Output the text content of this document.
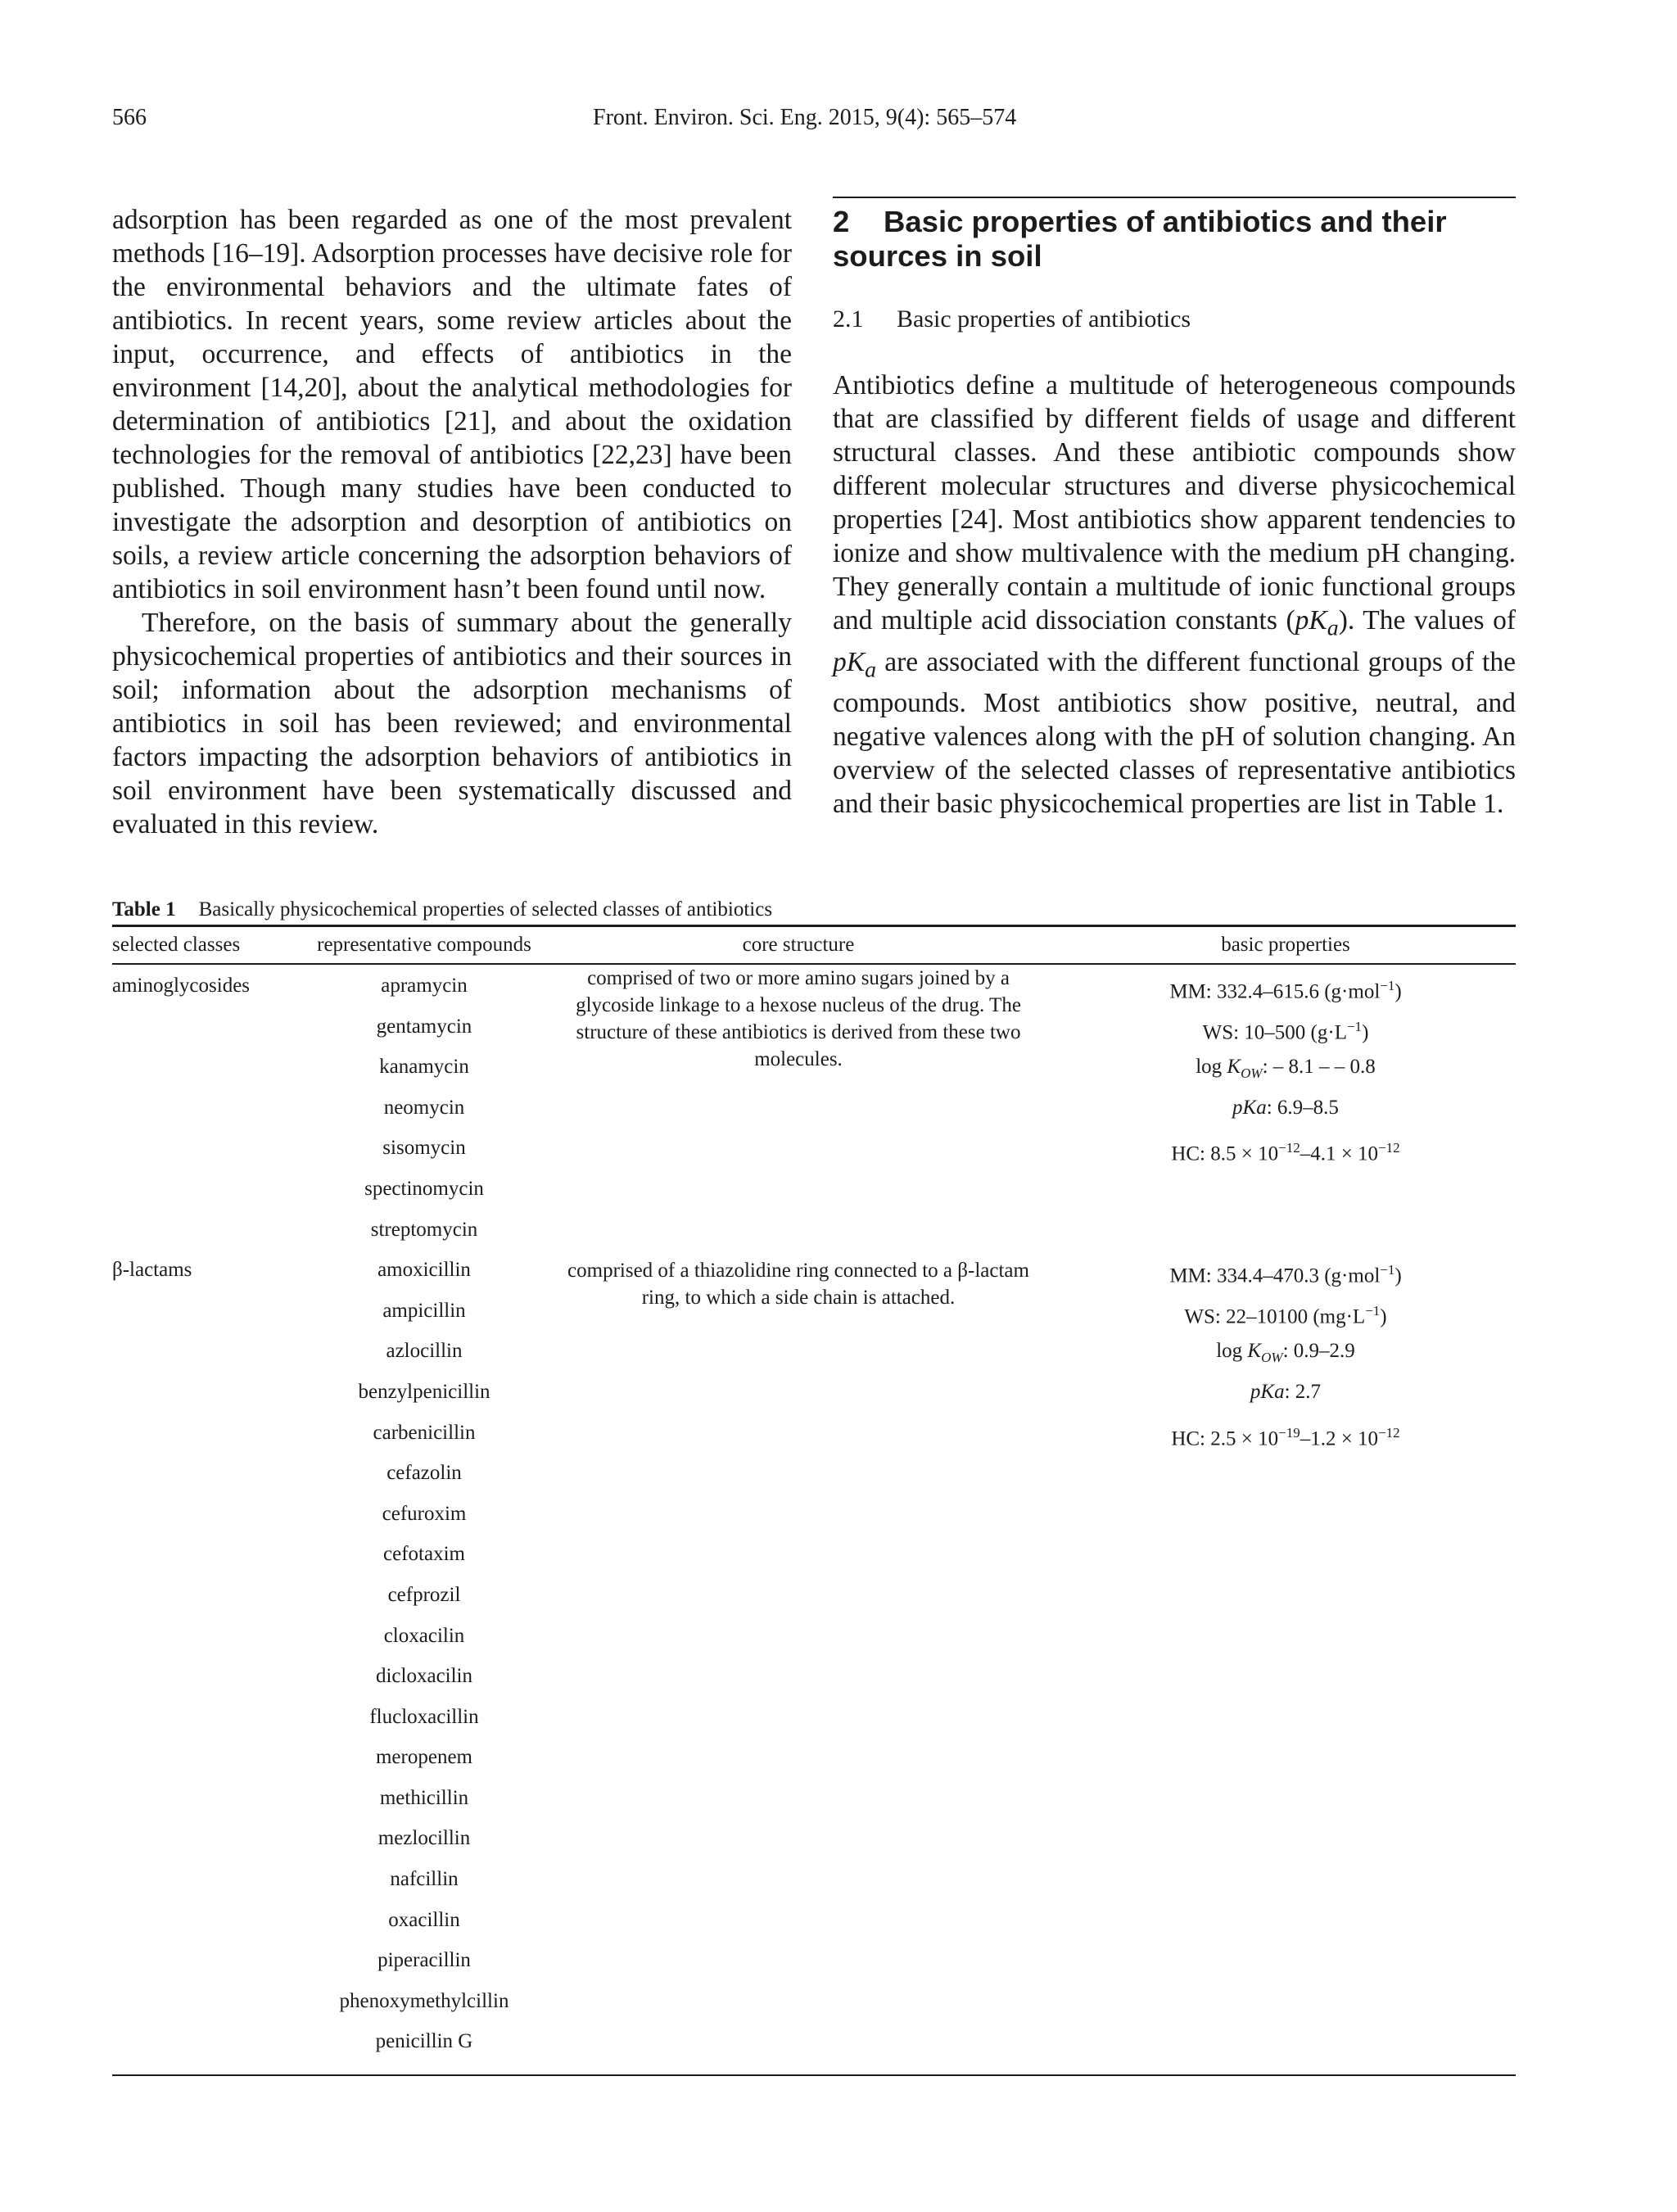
566	Front. Environ. Sci. Eng. 2015, 9(4): 565–574

adsorption has been regarded as one of the most prevalent methods [16–19]. Adsorption processes have decisive role for the environmental behaviors and the ultimate fates of antibiotics. In recent years, some review articles about the input, occurrence, and effects of antibiotics in the environment [14,20], about the analytical methodologies for determination of antibiotics [21], and about the oxidation technologies for the removal of antibiotics [22,23] have been published. Though many studies have been conducted to investigate the adsorption and desorption of antibiotics on soils, a review article concerning the adsorption behaviors of antibiotics in soil environment hasn’t been found until now.

Therefore, on the basis of summary about the generally physicochemical properties of antibiotics and their sources in soil; information about the adsorption mechanisms of antibiotics in soil has been reviewed; and environmental factors impacting the adsorption behaviors of antibiotics in soil environment have been systematically discussed and evaluated in this review.

2 Basic properties of antibiotics and their sources in soil
2.1 Basic properties of antibiotics

Antibiotics define a multitude of heterogeneous compounds that are classified by different fields of usage and different structural classes. And these antibiotic compounds show different molecular structures and diverse physicochemical properties [24]. Most antibiotics show apparent tendencies to ionize and show multivalence with the medium pH changing. They generally contain a multitude of ionic functional groups and multiple acid dissociation constants $(pK_a)$. The values of $pK_a$ are associated with the different functional groups of the compounds. Most antibiotics show positive, neutral, and negative valences along with the pH of solution changing. An overview of the selected classes of representative antibiotics and their basic physicochemical properties are list in Table 1.

Table 1 Basically physicochemical properties of selected classes of antibiotics
selected classes	representative compounds	core structure	basic properties
aminoglycosides	apramycin	comprised of two or more amino sugars joined by a glycoside linkage to a hexose nucleus of the drug. The structure of these antibiotics is derived from these two molecules.	MM: 332.4–615.6 (g·mol$^{-1}$)
	gentamycin		WS: 10–500 $(g\cdot L^{-1})$
	kanamycin		$\log K_{OW}$: – 8.1 – – 0.8
	neomycin		pKa: 6.9–8.5
	sisomycin		HC: $8.5 \times 10^{-12}-4.1 \times 10^{-12}$
	spectinomycin		
	streptomycin		
β-lactams	amoxicillin	comprised of a thiazolidine ring connected to a β-lactam ring, to which a side chain is attached.	MM: 334.4–470.3 (g·mol$^{-1}$)
	ampicillin		WS: 22–10100 $(mg\cdot L^{-1})$
	azlocillin		$\log K_{OW}$: 0.9–2.9
	benzylpenicillin		pKa: 2.7
	carbenicillin		HC: $2.5 \times 10^{-19}-1.2 \times 10^{-12}$
	cefazolin		
	cefuroxim		
	cefotaxim		
	cefprozil		
	cloxacilin		
	dicloxacilin		
	flucloxacillin		
	meropenem		
	methicillin		
	mezlocillin		
	nafcillin		
	oxacillin		
	piperacillin		
	phenoxymethylcillin		
	penicillin G		
